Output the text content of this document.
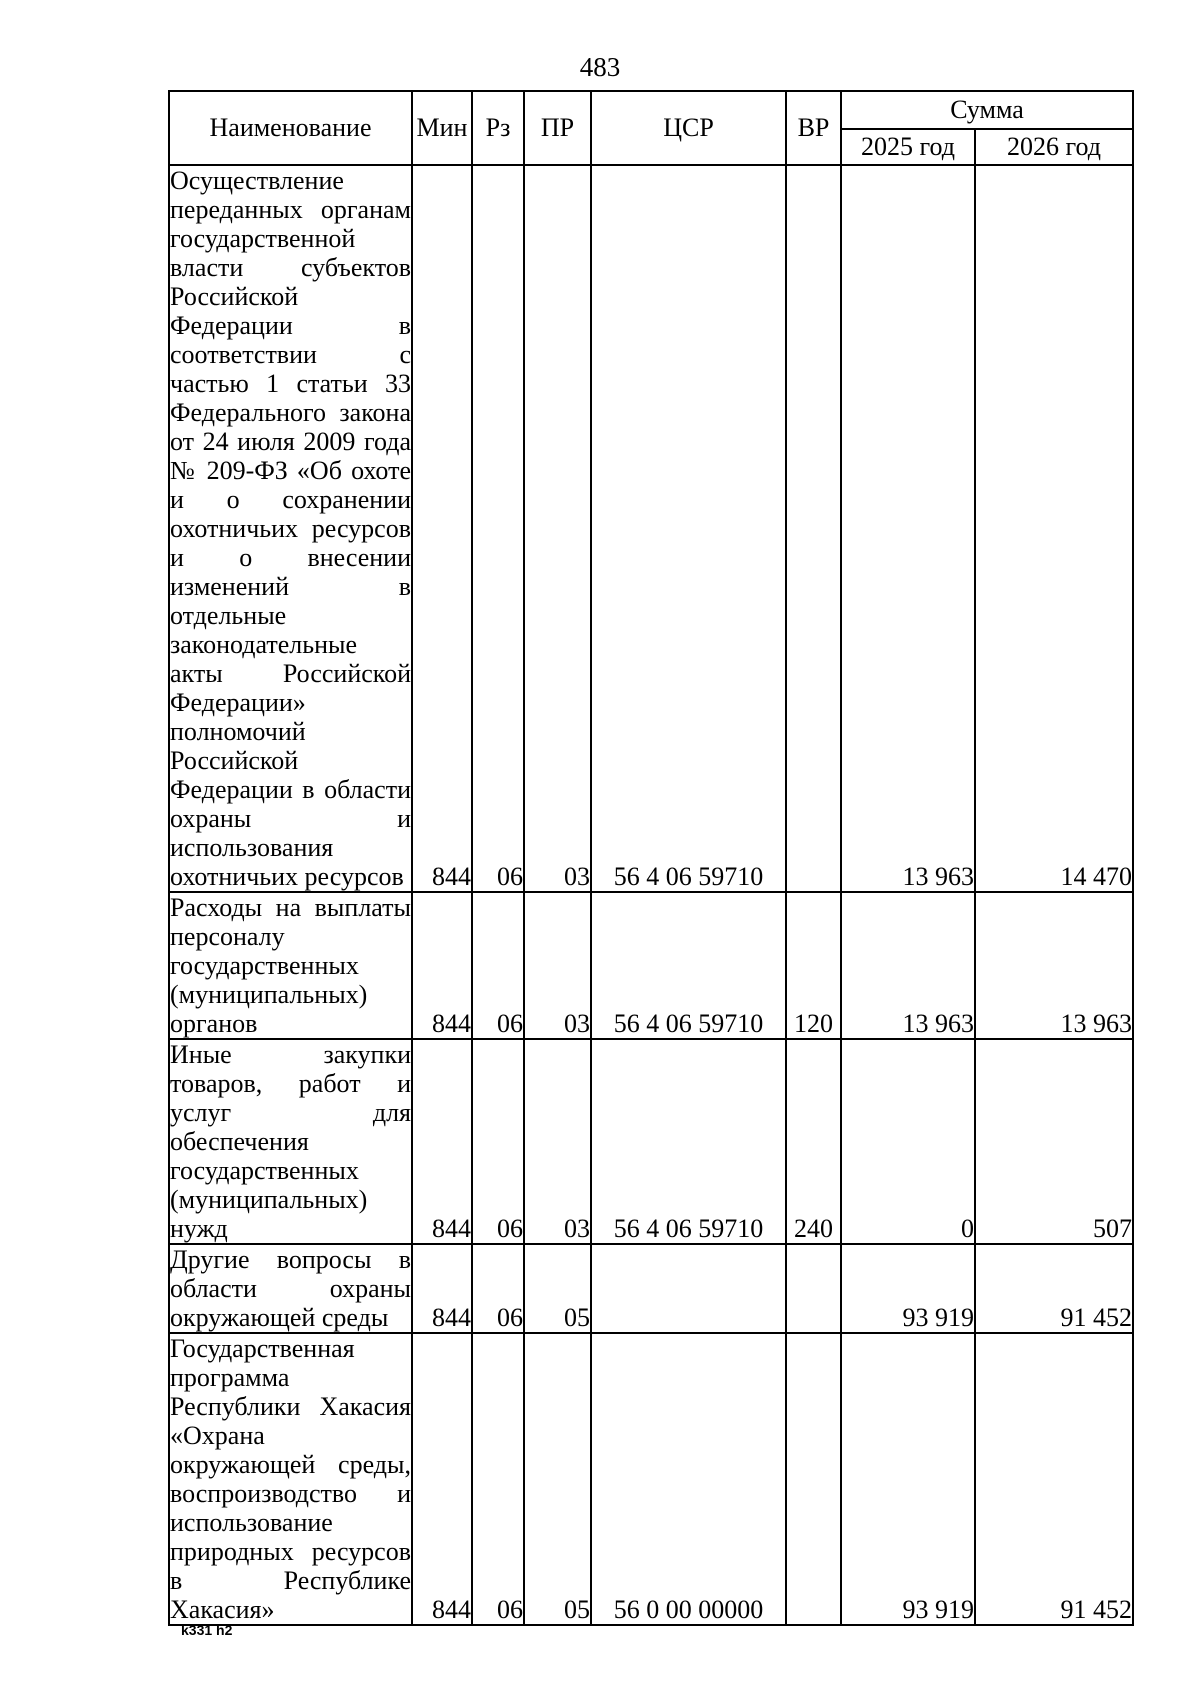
483
Наименование	Мин	Рз	ПР	ЦСР	ВР	Сумма	
						2025 год	2026 год
Осуществление переданных органам государственной власти субъектов Российской Федерации в соответствии с частью 1 статьи 33 Федерального закона от 24 июля 2009 года № 209-ФЗ «Об охоте и о сохранении охотничьих ресурсов и о внесении изменений в отдельные законодательные акты Российской Федерации» полномочий Российской Федерации в области охраны и использования охотничьих ресурсов	844	06	03	56 4 06 59710		13 963	14 470
Расходы на выплаты персоналу государственных (муниципальных) органов	844	06	03	56 4 06 59710	120	13 963	13 963
Иные закупки товаров, работ и услуг для обеспечения государственных (муниципальных) нужд	844	06	03	56 4 06 59710	240	0	507
Другие вопросы в области охраны окружающей среды	844	06	05			93 919	91 452
Государственная программа Республики Хакасия «Охрана окружающей среды, воспроизводство и использование природных ресурсов в Республике Хакасия»	844	06	05	56 0 00 00000		93 919	91 452
k331 h2
